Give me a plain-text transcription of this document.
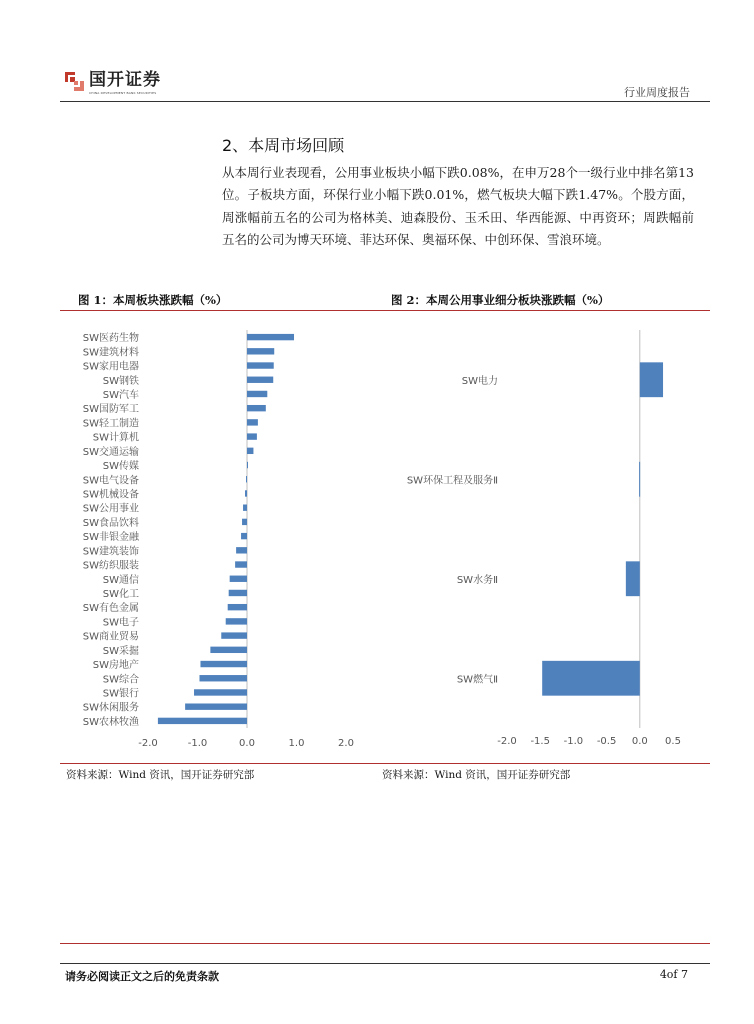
国开证券
CHINA DEVELOPMENT BANK SECURITIES	行业周度报告
2、本周市场回顾
从本周行业表现看，公用事业板块小幅下跌0.08%，在申万28个一级行业中排名第13位。子板块方面，环保行业小幅下跌0.01%，燃气板块大幅下跌1.47%。个股方面，周涨幅前五名的公司为格林美、迪森股份、玉禾田、华西能源、中再资环；周跌幅前五名的公司为博天环境、菲达环保、奥福环保、中创环保、雪浪环境。
图 1：本周板块涨跌幅（%）	图 2：本周公用事业细分板块涨跌幅（%）
SW医药生物
SW建筑材料
SW家用电器
SW钢铁
SW汽车
SW国防军工
SW轻工制造
SW计算机
SW交通运输
SW传媒
SW电气设备
SW机械设备
SW公用事业
SW食品饮料
SW非银金融
SW建筑装饰
SW纺织服装
SW通信
SW化工
SW有色金属
SW电子
SW商业贸易
SW采掘
SW房地产
SW综合
SW银行
SW休闲服务
SW农林牧渔
-2.0	-1.0	0.0	1.0	2.0
SW电力
SW环保工程及服务Ⅱ
SW水务Ⅱ
SW燃气Ⅱ
-2.0 -1.5 -1.0 -0.5 0.0 0.5
资料来源：Wind 资讯，国开证券研究部	资料来源：Wind 资讯，国开证券研究部
请务必阅读正文之后的免责条款	4of 7
